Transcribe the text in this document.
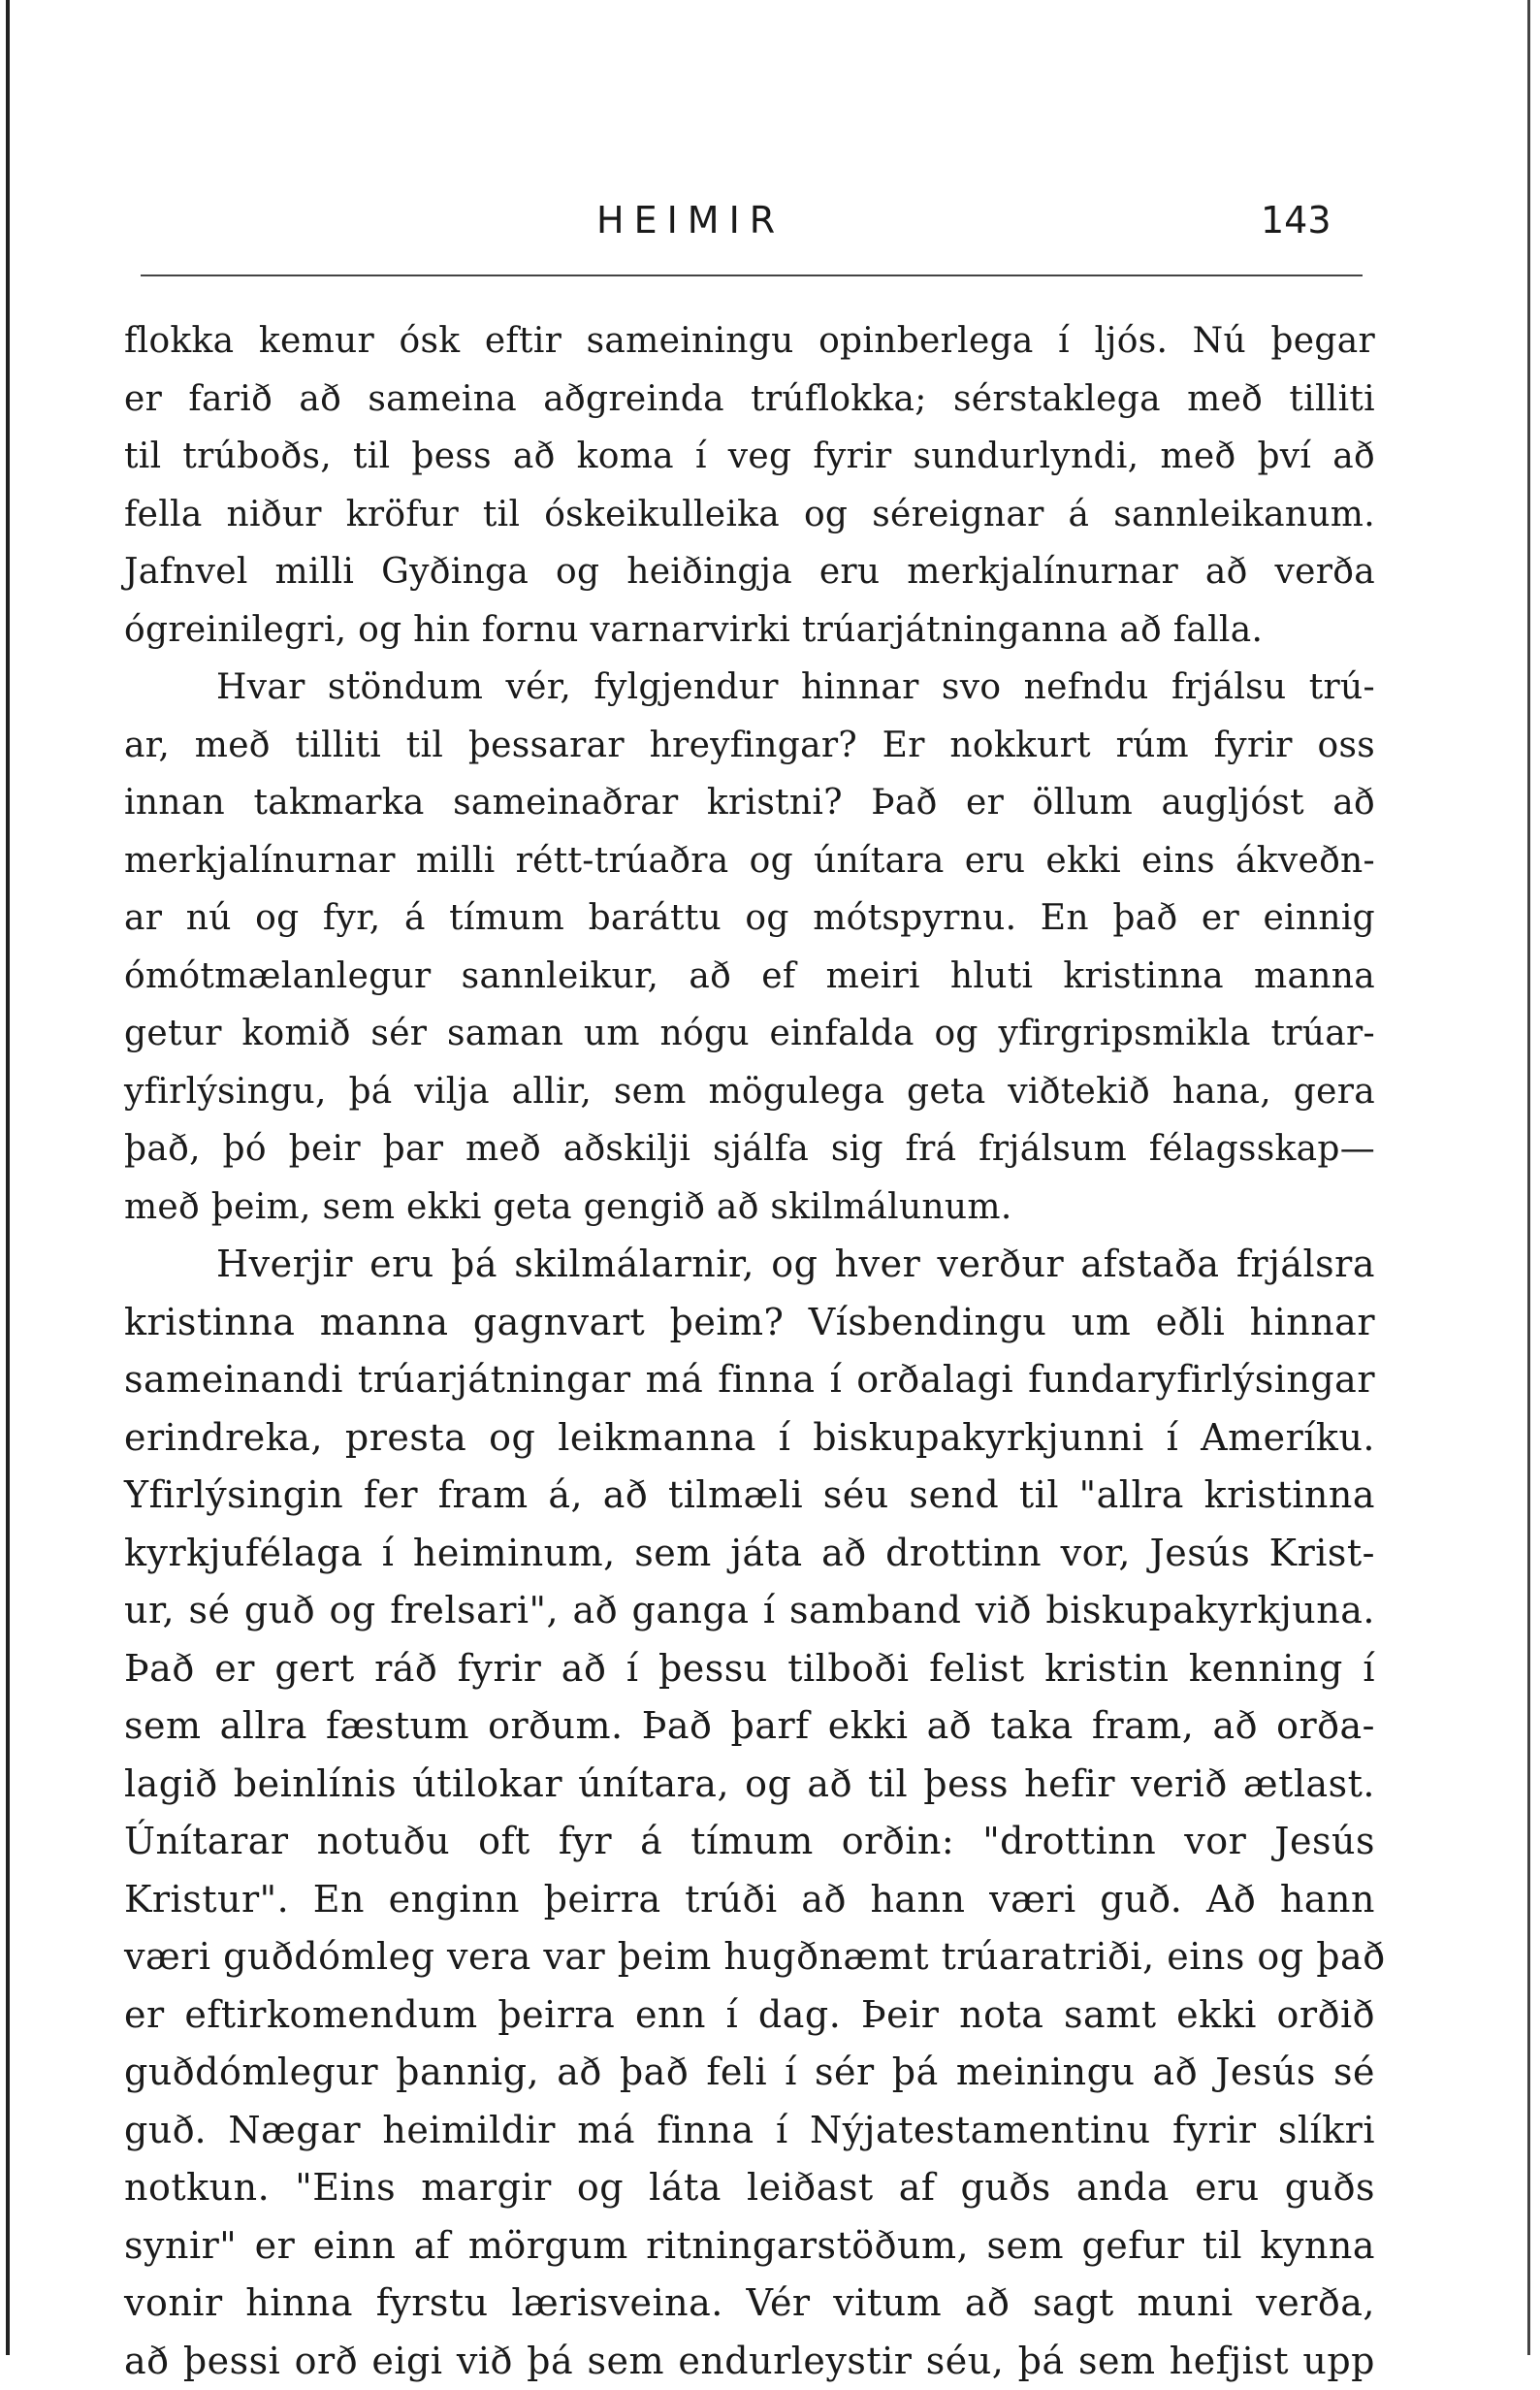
HEIMIR	143
flokka kemur ósk eftir sameiningu opinberlega í ljós. Nú þegar
er farið að sameina aðgreinda trúflokka; sérstaklega með tilliti
til trúboðs, til þess að koma í veg fyrir sundurlyndi, með því að
fella niður kröfur til óskeikulleika og séreignar á sannleikanum.
Jafnvel milli Gyðinga og heiðingja eru merkjalínurnar að verða
ógreinilegri, og hin fornu varnarvirki trúarjátninganna að falla.
Hvar stöndum vér, fylgjendur hinnar svo nefndu frjálsu trú-
ar, með tilliti til þessarar hreyfingar? Er nokkurt rúm fyrir oss
innan takmarka sameinaðrar kristni? Það er öllum augljóst að
merkjalínurnar milli rétt-trúaðra og únítara eru ekki eins ákveðn-
ar nú og fyr, á tímum baráttu og mótspyrnu. En það er einnig
ómótmælanlegur sannleikur, að ef meiri hluti kristinna manna
getur komið sér saman um nógu einfalda og yfirgripsmikla trúar-
yfirlýsingu, þá vilja allir, sem mögulega geta viðtekið hana, gera
það, þó þeir þar með aðskilji sjálfa sig frá frjálsum félagsskap—
með þeim, sem ekki geta gengið að skilmálunum.
Hverjir eru þá skilmálarnir, og hver verður afstaða frjálsra
kristinna manna gagnvart þeim? Vísbendingu um eðli hinnar
sameinandi trúarjátningar má finna í orðalagi fundaryfirlýsingar
erindreka, presta og leikmanna í biskupakyrkjunni í Ameríku.
Yfirlýsingin fer fram á, að tilmæli séu send til "allra kristinna
kyrkjufélaga í heiminum, sem játa að drottinn vor, Jesús Krist-
ur, sé guð og frelsari", að ganga í samband við biskupakyrkjuna.
Það er gert ráð fyrir að í þessu tilboði felist kristin kenning í
sem allra fæstum orðum. Það þarf ekki að taka fram, að orða-
lagið beinlínis útilokar únítara, og að til þess hefir verið ætlast.
Únítarar notuðu oft fyr á tímum orðin: "drottinn vor Jesús
Kristur". En enginn þeirra trúði að hann væri guð. Að hann
væri guðdómleg vera var þeim hugðnæmt trúaratriði, eins og það
er eftirkomendum þeirra enn í dag. Þeir nota samt ekki orðið
guðdómlegur þannig, að það feli í sér þá meiningu að Jesús sé
guð. Nægar heimildir má finna í Nýjatestamentinu fyrir slíkri
notkun. "Eins margir og láta leiðast af guðs anda eru guðs
synir" er einn af mörgum ritningarstöðum, sem gefur til kynna
vonir hinna fyrstu lærisveina. Vér vitum að sagt muni verða,
að þessi orð eigi við þá sem endurleystir séu, þá sem hefjist upp
